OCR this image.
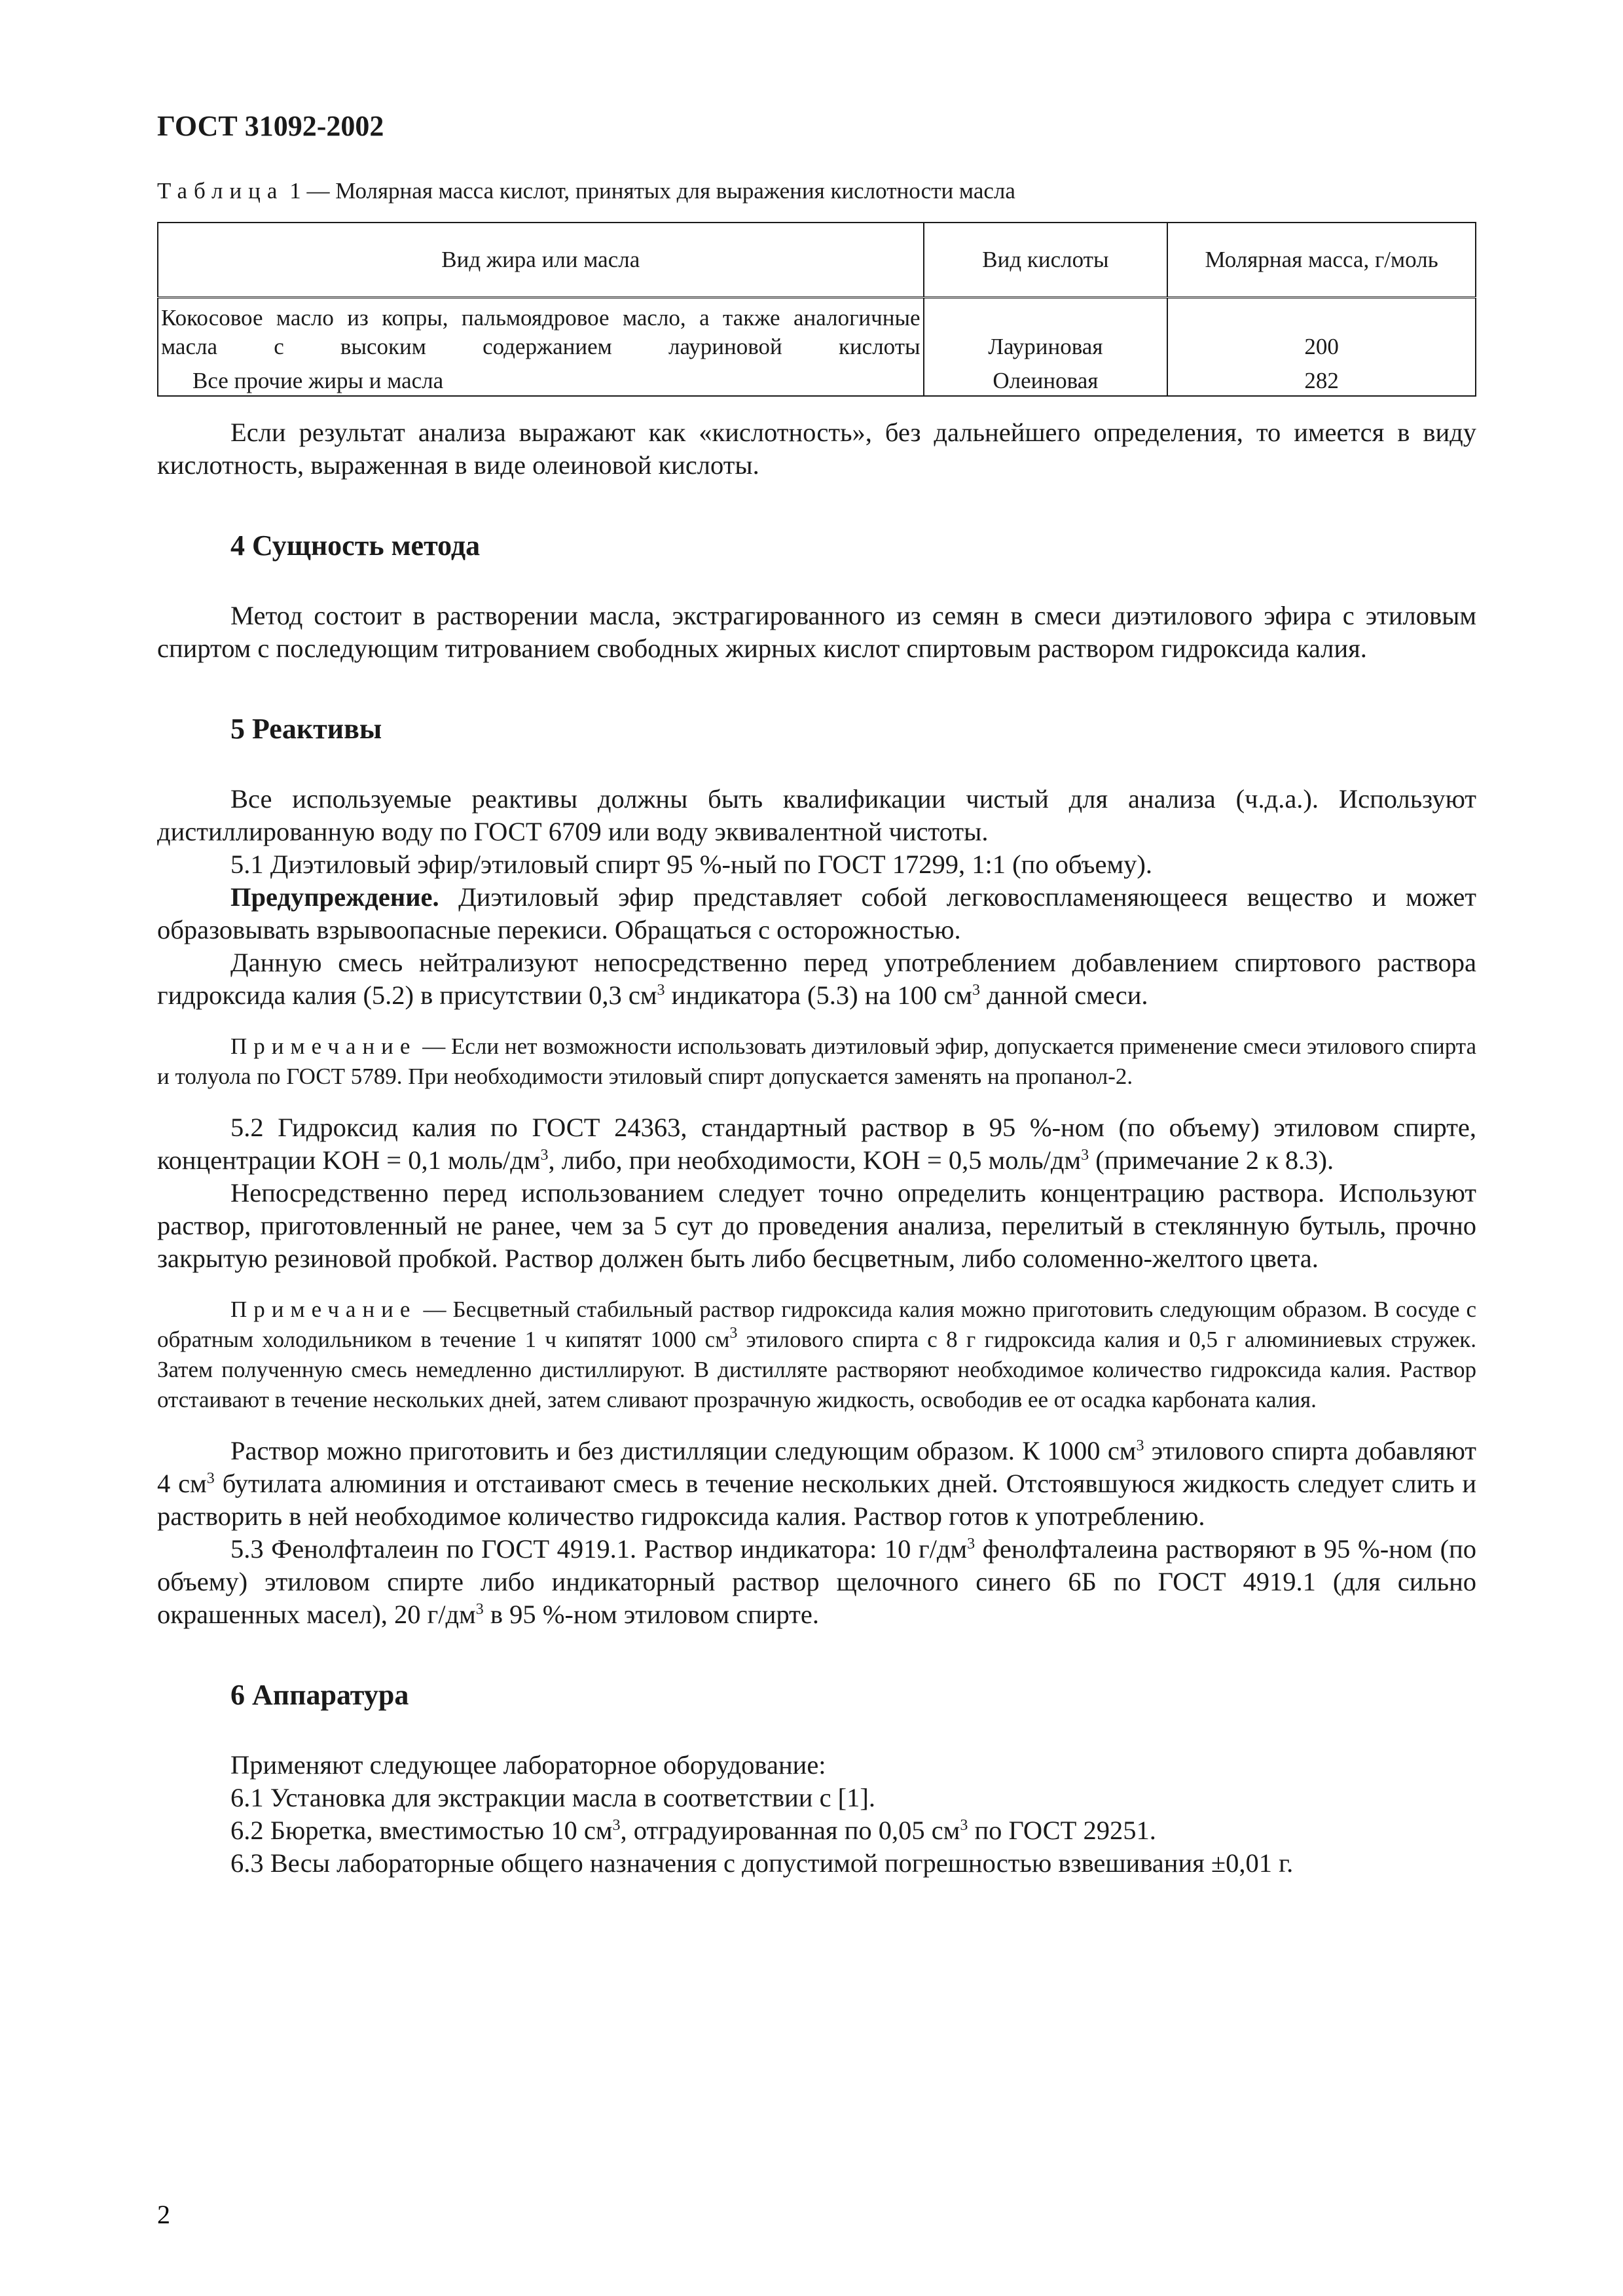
ГОСТ 31092-2002
Таблица 1 — Молярная масса кислот, принятых для выражения кислотности масла
Вид жира или масла	Вид кислоты	Молярная масса, г/моль
Кокосовое масло из копры, пальмоядровое масло, а также аналогичные масла с высоким содержанием лауриновой кислоты	Лауриновая	200
Все прочие жиры и масла	Олеиновая	282

Если результат анализа выражают как «кислотность», без дальнейшего определения, то имеется в виду кислотность, выраженная в виде олеиновой кислоты.

4 Сущность метода

Метод состоит в растворении масла, экстрагированного из семян в смеси диэтилового эфира с этиловым спиртом с последующим титрованием свободных жирных кислот спиртовым раствором гидроксида калия.

5 Реактивы

Все используемые реактивы должны быть квалификации чистый для анализа (ч.д.а.). Используют дистиллированную воду по ГОСТ 6709 или воду эквивалентной чистоты.

5.1 Диэтиловый эфир/этиловый спирт 95 %-ный по ГОСТ 17299, 1:1 (по объему).

Предупреждение. Диэтиловый эфир представляет собой легковоспламеняющееся вещество и может образовывать взрывоопасные перекиси. Обращаться с осторожностью.

Данную смесь нейтрализуют непосредственно перед употреблением добавлением спиртового раствора гидроксида калия (5.2) в присутствии 0,3 $см^3$ индикатора (5.3) на 100 $см^3$ данной смеси.

Примечание — Если нет возможности использовать диэтиловый эфир, допускается применение смеси этилового спирта и толуола по ГОСТ 5789. При необходимости этиловый спирт допускается заменять на пропанол-2.

5.2 Гидроксид калия по ГОСТ 24363, стандартный раствор в 95 %-ном (по объему) этиловом спирте, концентрации KOH = 0,1 моль/$дм^3$, либо, при необходимости, KOH = 0,5 моль/$дм^3$ (примечание 2 к 8.3).

Непосредственно перед использованием следует точно определить концентрацию раствора. Используют раствор, приготовленный не ранее, чем за 5 сут до проведения анализа, перелитый в стеклянную бутыль, прочно закрытую резиновой пробкой. Раствор должен быть либо бесцветным, либо соломенно-желтого цвета.

Примечание — Бесцветный стабильный раствор гидроксида калия можно приготовить следующим образом. В сосуде с обратным холодильником в течение 1 ч кипятят 1000 $см^3$ этилового спирта с 8 г гидроксида калия и 0,5 г алюминиевых стружек. Затем полученную смесь немедленно дистиллируют. В дистилляте растворяют необходимое количество гидроксида калия. Раствор отстаивают в течение нескольких дней, затем сливают прозрачную жидкость, освободив ее от осадка карбоната калия.

Раствор можно приготовить и без дистилляции следующим образом. К 1000 $см^3$ этилового спирта добавляют 4 $см^3$ бутилата алюминия и отстаивают смесь в течение нескольких дней. Отстоявшуюся жидкость следует слить и растворить в ней необходимое количество гидроксида калия. Раствор готов к употреблению.

5.3 Фенолфталеин по ГОСТ 4919.1. Раствор индикатора: 10 $г/дм^3$ фенолфталеина растворяют в 95 %-ном (по объему) этиловом спирте либо индикаторный раствор щелочного синего 6Б по ГОСТ 4919.1 (для сильно окрашенных масел), 20 $г/дм^3$ в 95 %-ном этиловом спирте.

6 Аппаратура

Применяют следующее лабораторное оборудование:

6.1 Установка для экстракции масла в соответствии с [1].

6.2 Бюретка, вместимостью 10 $см^3$, отградуированная по 0,05 $см^3$ по ГОСТ 29251.

6.3 Весы лабораторные общего назначения с допустимой погрешностью взвешивания ±0,01 г.

2
